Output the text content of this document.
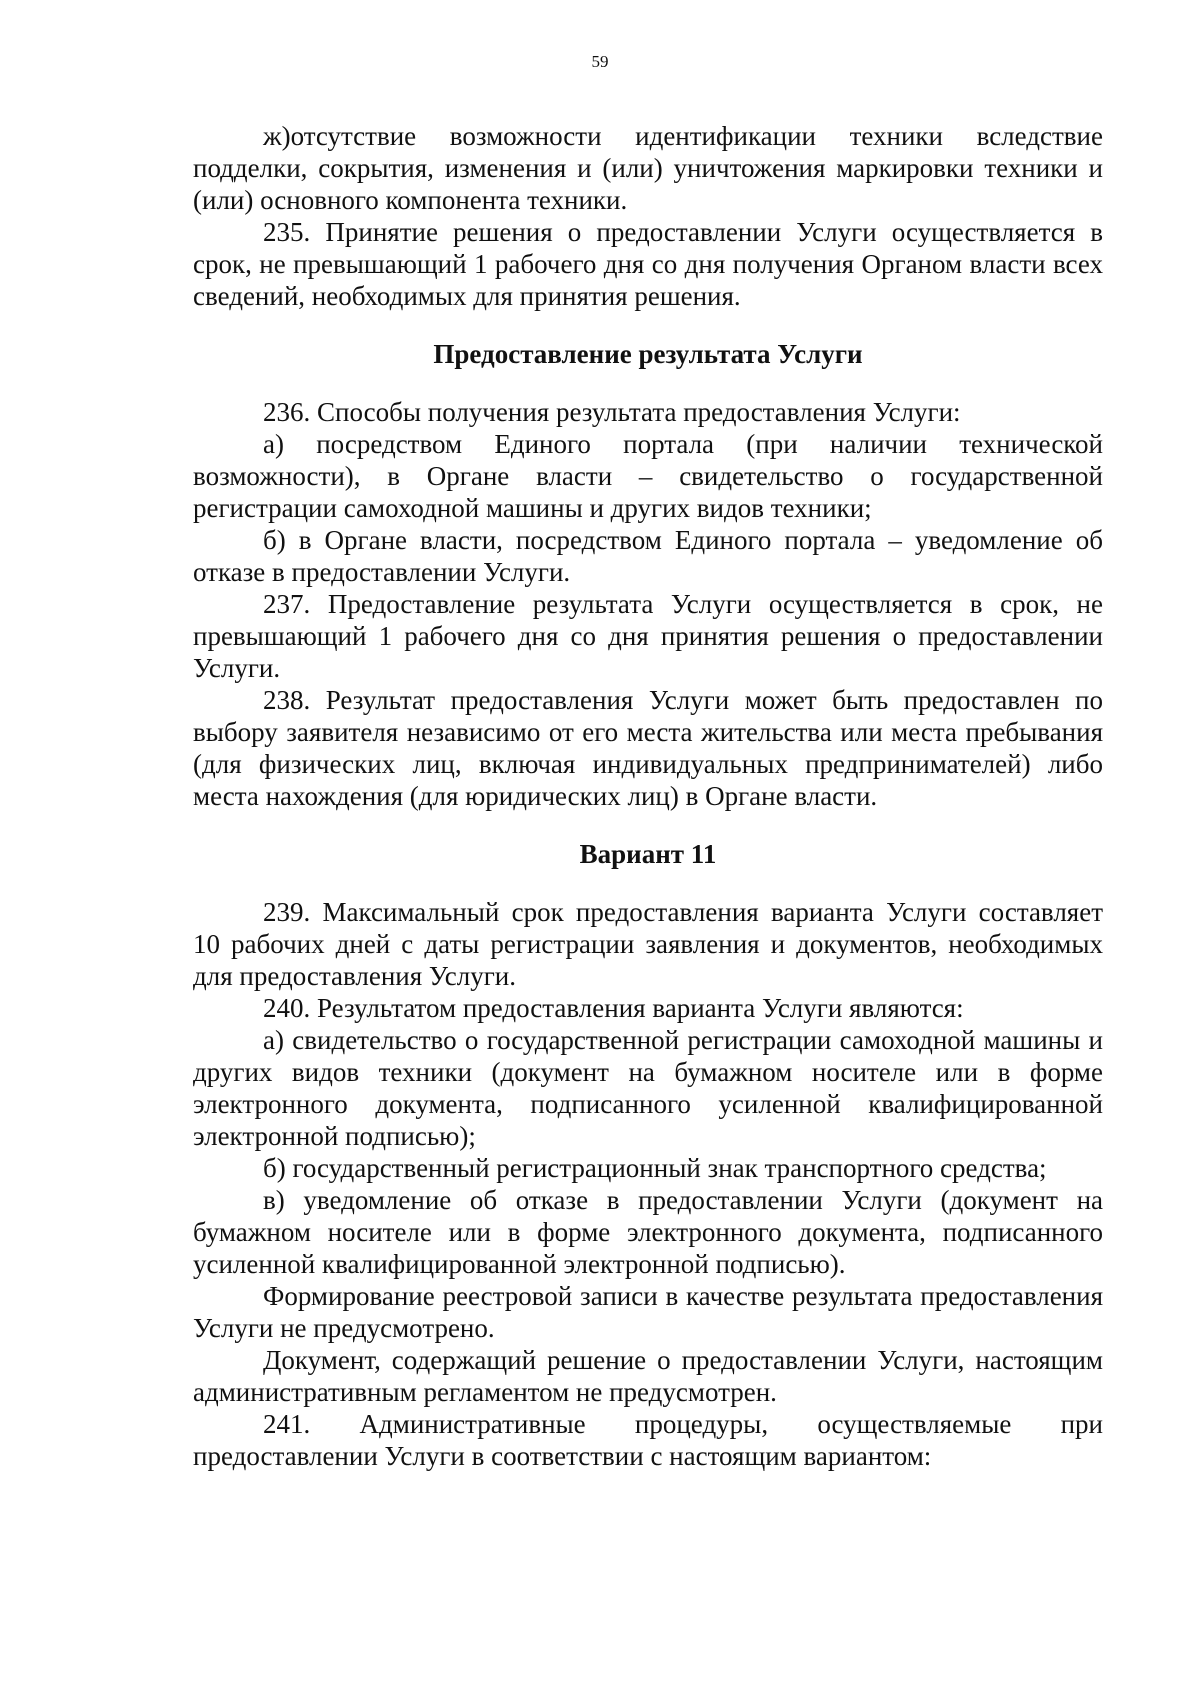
59

ж)отсутствие возможности идентификации техники вследствие подделки, сокрытия, изменения и (или) уничтожения маркировки техники и (или) основного компонента техники.

235. Принятие решения о предоставлении Услуги осуществляется в срок, не превышающий 1 рабочего дня со дня получения Органом власти всех сведений, необходимых для принятия решения.

Предоставление результата Услуги

236. Способы получения результата предоставления Услуги:

а) посредством Единого портала (при наличии технической возможности), в Органе власти – свидетельство о государственной регистрации самоходной машины и других видов техники;

б) в Органе власти, посредством Единого портала – уведомление об отказе в предоставлении Услуги.

237. Предоставление результата Услуги осуществляется в срок, не превышающий 1 рабочего дня со дня принятия решения о предоставлении Услуги.

238. Результат предоставления Услуги может быть предоставлен по выбору заявителя независимо от его места жительства или места пребывания (для физических лиц, включая индивидуальных предпринимателей) либо места нахождения (для юридических лиц) в Органе власти.

Вариант 11

239. Максимальный срок предоставления варианта Услуги составляет 10 рабочих дней с даты регистрации заявления и документов, необходимых для предоставления Услуги.

240. Результатом предоставления варианта Услуги являются:

а) свидетельство о государственной регистрации самоходной машины и других видов техники (документ на бумажном носителе или в форме электронного документа, подписанного усиленной квалифицированной электронной подписью);

б) государственный регистрационный знак транспортного средства;

в) уведомление об отказе в предоставлении Услуги (документ на бумажном носителе или в форме электронного документа, подписанного усиленной квалифицированной электронной подписью).

Формирование реестровой записи в качестве результата предоставления Услуги не предусмотрено.

Документ, содержащий решение о предоставлении Услуги, настоящим административным регламентом не предусмотрен.

241. Административные процедуры, осуществляемые при предоставлении Услуги в соответствии с настоящим вариантом:
